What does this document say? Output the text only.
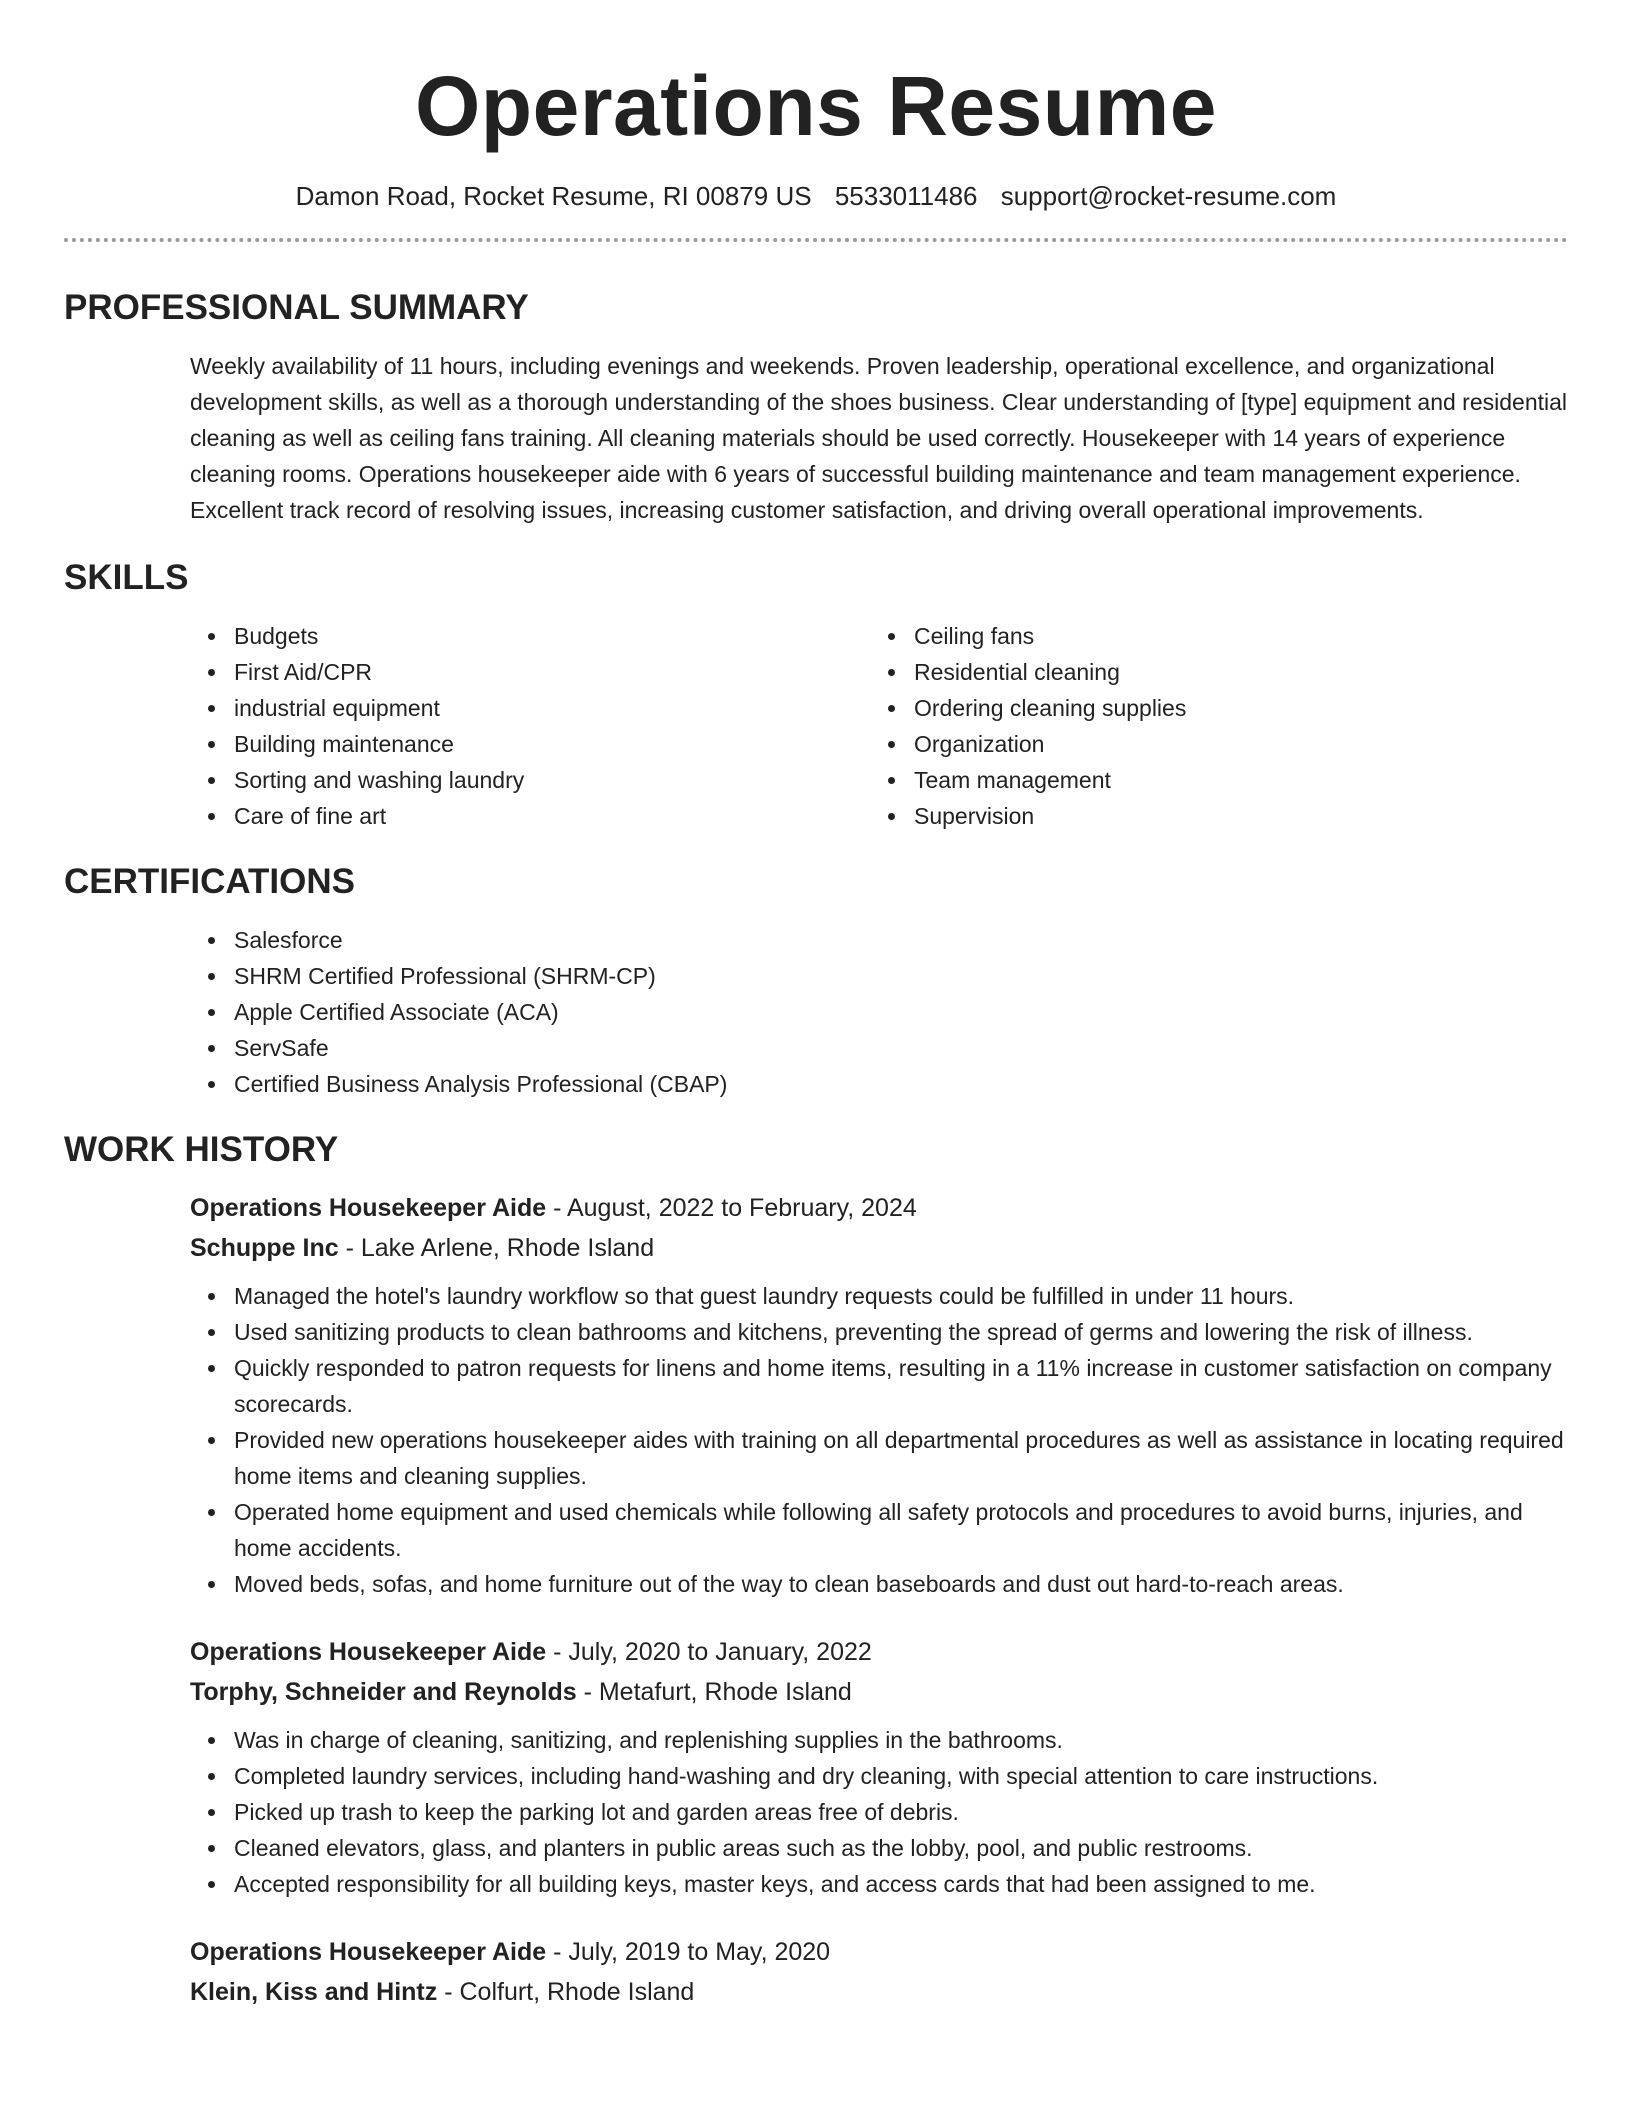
Operations Resume
Damon Road, Rocket Resume, RI 00879 US 5533011486 support@rocket-resume.com
PROFESSIONAL SUMMARY

Weekly availability of 11 hours, including evenings and weekends. Proven leadership, operational excellence, and organizational development skills, as well as a thorough understanding of the shoes business. Clear understanding of [type] equipment and residential cleaning as well as ceiling fans training. All cleaning materials should be used correctly. Housekeeper with 14 years of experience cleaning rooms. Operations housekeeper aide with 6 years of successful building maintenance and team management experience. Excellent track record of resolving issues, increasing customer satisfaction, and driving overall operational improvements.

SKILLS
Budgets
First Aid/CPR
industrial equipment
Building maintenance
Sorting and washing laundry
Care of fine art
Ceiling fans
Residential cleaning
Ordering cleaning supplies
Organization
Team management
Supervision
CERTIFICATIONS
Salesforce
SHRM Certified Professional (SHRM-CP)
Apple Certified Associate (ACA)
ServSafe
Certified Business Analysis Professional (CBAP)
WORK HISTORY
Operations Housekeeper Aide - August, 2022 to February, 2024
Schuppe Inc - Lake Arlene, Rhode Island
Managed the hotel's laundry workflow so that guest laundry requests could be fulfilled in under 11 hours.
Used sanitizing products to clean bathrooms and kitchens, preventing the spread of germs and lowering the risk of illness.
Quickly responded to patron requests for linens and home items, resulting in a 11% increase in customer satisfaction on company scorecards.
Provided new operations housekeeper aides with training on all departmental procedures as well as assistance in locating required home items and cleaning supplies.
Operated home equipment and used chemicals while following all safety protocols and procedures to avoid burns, injuries, and home accidents.
Moved beds, sofas, and home furniture out of the way to clean baseboards and dust out hard-to-reach areas.
Operations Housekeeper Aide - July, 2020 to January, 2022
Torphy, Schneider and Reynolds - Metafurt, Rhode Island
Was in charge of cleaning, sanitizing, and replenishing supplies in the bathrooms.
Completed laundry services, including hand-washing and dry cleaning, with special attention to care instructions.
Picked up trash to keep the parking lot and garden areas free of debris.
Cleaned elevators, glass, and planters in public areas such as the lobby, pool, and public restrooms.
Accepted responsibility for all building keys, master keys, and access cards that had been assigned to me.
Operations Housekeeper Aide - July, 2019 to May, 2020
Klein, Kiss and Hintz - Colfurt, Rhode Island
